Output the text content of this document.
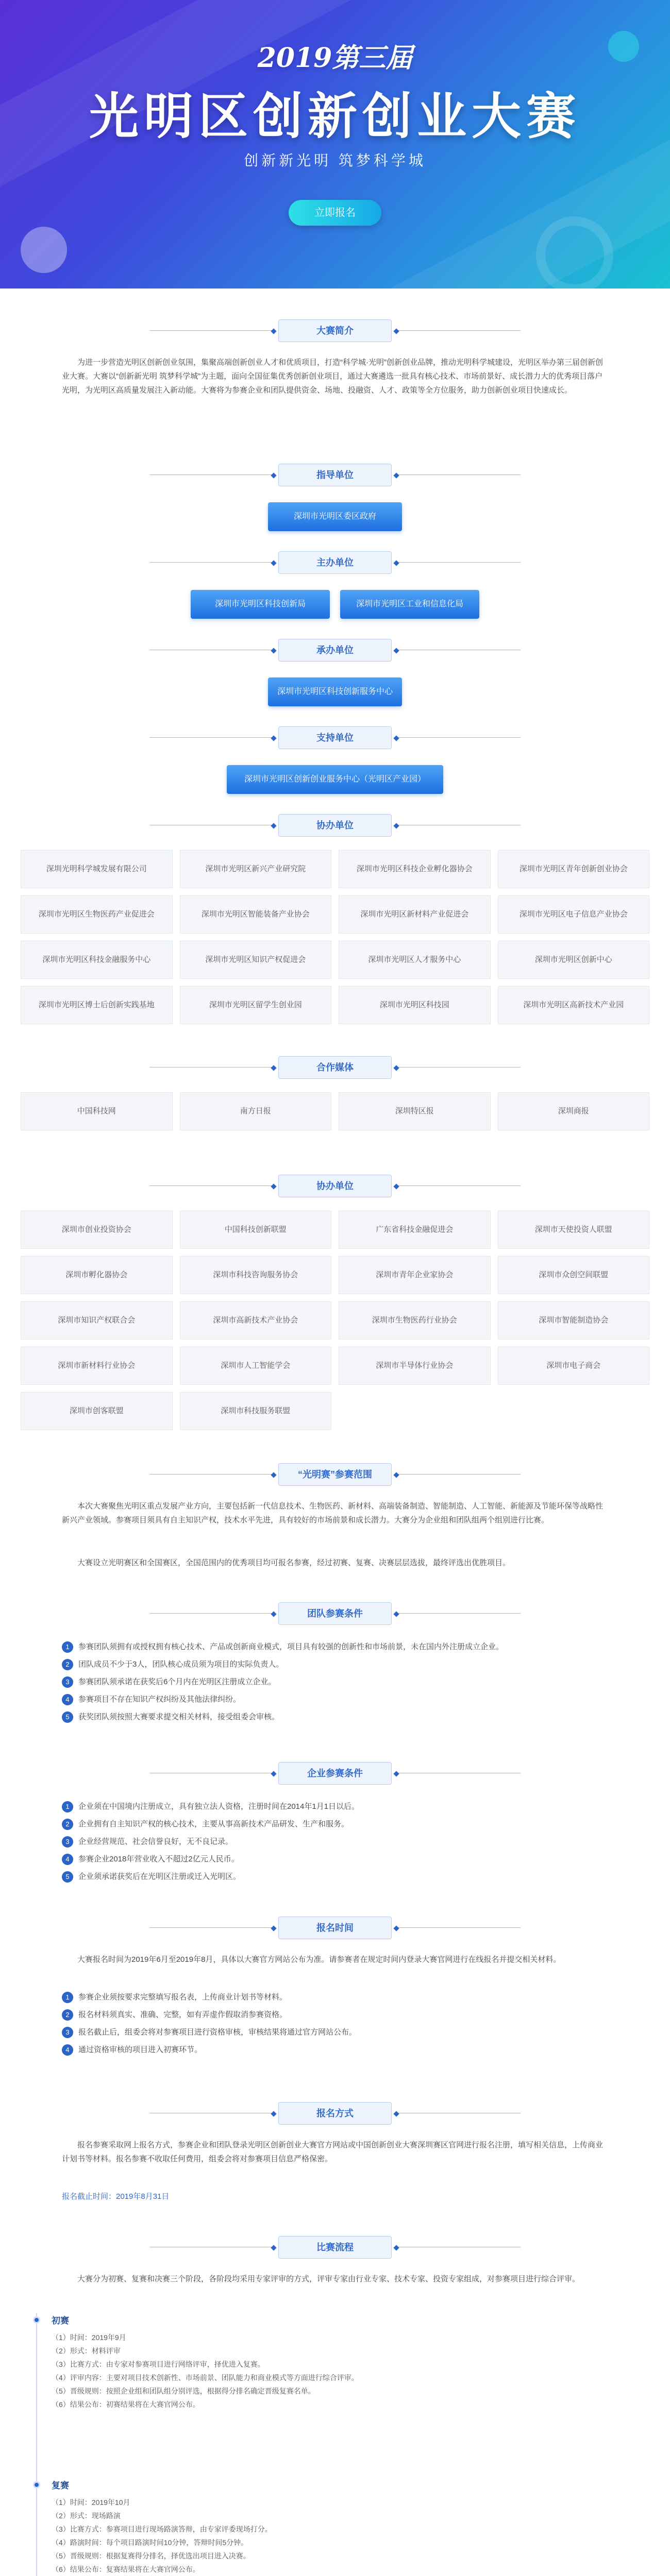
2019第三届
光明区创新创业大赛
创新新光明 筑梦科学城
立即报名
大赛简介
为进一步营造光明区创新创业氛围，集聚高端创新创业人才和优质项目，打造“科学城·光明”创新创业品牌，推动光明科学城建设，光明区举办第三届创新创业大赛。大赛以“创新新光明 筑梦科学城”为主题，面向全国征集优秀创新创业项目，通过大赛遴选一批具有核心技术、市场前景好、成长潜力大的优秀项目落户光明，为光明区高质量发展注入新动能。大赛将为参赛企业和团队提供资金、场地、投融资、人才、政策等全方位服务，助力创新创业项目快速成长。
指导单位
深圳市光明区委区政府
主办单位
深圳市光明区科技创新局	深圳市光明区工业和信息化局
承办单位
深圳市光明区科技创新服务中心
支持单位
深圳市光明区创新创业服务中心（光明区产业园）
协办单位
深圳光明科学城发展有限公司	深圳市光明区新兴产业研究院	深圳市光明区科技企业孵化器协会	深圳市光明区青年创新创业协会
深圳市光明区生物医药产业促进会	深圳市光明区智能装备产业协会	深圳市光明区新材料产业促进会	深圳市光明区电子信息产业协会
深圳市光明区科技金融服务中心	深圳市光明区知识产权促进会	深圳市光明区人才服务中心	深圳市光明区创新中心
深圳市光明区博士后创新实践基地	深圳市光明区留学生创业园	深圳市光明区科技园	深圳市光明区高新技术产业园
合作媒体
中国科技网	南方日报	深圳特区报	深圳商报
协办单位
深圳市创业投资协会	中国科技创新联盟	广东省科技金融促进会	深圳市天使投资人联盟
深圳市孵化器协会	深圳市科技咨询服务协会	深圳市青年企业家协会	深圳市众创空间联盟
深圳市知识产权联合会	深圳市高新技术产业协会	深圳市生物医药行业协会	深圳市智能制造协会
深圳市新材料行业协会	深圳市人工智能学会	深圳市半导体行业协会	深圳市电子商会
深圳市创客联盟	深圳市科技服务联盟
“光明赛”参赛范围
本次大赛聚焦光明区重点发展产业方向，主要包括新一代信息技术、生物医药、新材料、高端装备制造、智能制造、人工智能、新能源及节能环保等战略性新兴产业领域。参赛项目须具有自主知识产权，技术水平先进，具有较好的市场前景和成长潜力。大赛分为企业组和团队组两个组别进行比赛。
大赛设立光明赛区和全国赛区，全国范围内的优秀项目均可报名参赛，经过初赛、复赛、决赛层层选拔，最终评选出优胜项目。
团队参赛条件
1	参赛团队须拥有或授权拥有核心技术、产品或创新商业模式，项目具有较强的创新性和市场前景，未在国内外注册成立企业。
2	团队成员不少于3人，团队核心成员须为项目的实际负责人。
3	参赛团队须承诺在获奖后6个月内在光明区注册成立企业。
4	参赛项目不存在知识产权纠纷及其他法律纠纷。
5	获奖团队须按照大赛要求提交相关材料，接受组委会审核。
企业参赛条件
1	企业须在中国境内注册成立，具有独立法人资格，注册时间在2014年1月1日以后。
2	企业拥有自主知识产权的核心技术，主要从事高新技术产品研发、生产和服务。
3	企业经营规范、社会信誉良好，无不良记录。
4	参赛企业2018年营业收入不超过2亿元人民币。
5	企业须承诺获奖后在光明区注册或迁入光明区。
报名时间
大赛报名时间为2019年6月至2019年8月，具体以大赛官方网站公布为准。请参赛者在规定时间内登录大赛官网进行在线报名并提交相关材料。
1	参赛企业须按要求完整填写报名表，上传商业计划书等材料。
2	报名材料须真实、准确、完整，如有弄虚作假取消参赛资格。
3	报名截止后，组委会将对参赛项目进行资格审核，审核结果将通过官方网站公布。
4	通过资格审核的项目进入初赛环节。
报名方式
报名参赛采取网上报名方式，参赛企业和团队登录光明区创新创业大赛官方网站或中国创新创业大赛深圳赛区官网进行报名注册，填写相关信息，上传商业计划书等材料。报名参赛不收取任何费用，组委会将对参赛项目信息严格保密。
报名截止时间：2019年8月31日
比赛流程
大赛分为初赛、复赛和决赛三个阶段，各阶段均采用专家评审的方式，评审专家由行业专家、技术专家、投资专家组成，对参赛项目进行综合评审。
初赛
（1）时间：2019年9月
（2）形式：材料评审
（3）比赛方式：由专家对参赛项目进行网络评审，择优进入复赛。
（4）评审内容：主要对项目技术创新性、市场前景、团队能力和商业模式等方面进行综合评审。
（5）晋级规则：按照企业组和团队组分别评选，根据得分排名确定晋级复赛名单。
（6）结果公布：初赛结果将在大赛官网公布。
复赛
（1）时间：2019年10月
（2）形式：现场路演
（3）比赛方式：参赛项目进行现场路演答辩，由专家评委现场打分。
（4）路演时间：每个项目路演时间10分钟，答辩时间5分钟。
（5）晋级规则：根据复赛得分排名，择优选出项目进入决赛。
（6）结果公布：复赛结果将在大赛官网公布。
